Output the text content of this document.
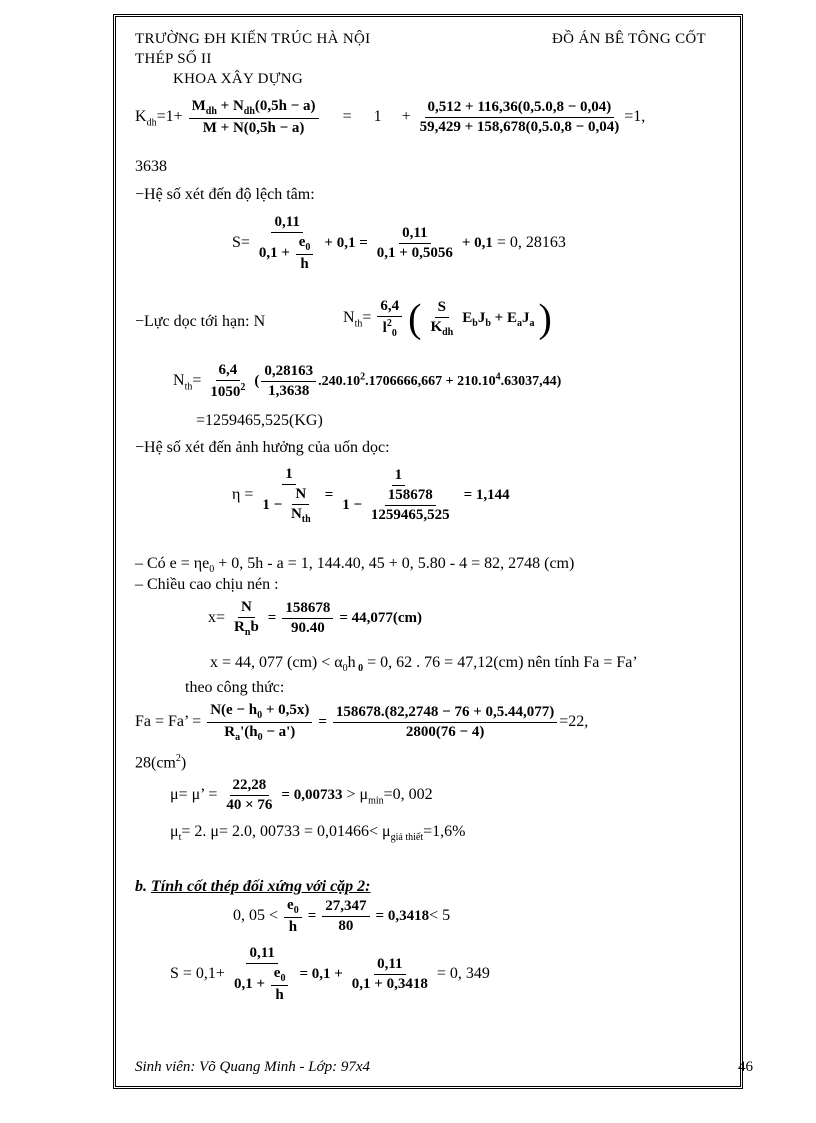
TRƯỜNG ĐH KIẾN TRÚC HÀ NỘI	ĐỒ ÁN BÊ TÔNG CỐT
THÉP SỐ II
KHOA XÂY DỰNG
$K_{dh}=1+ \frac{M_{dh} + N_{dh}(0,5h - a)}{M + N(0,5h - a)} = 1 + \frac{0,512 + 116,36(0,5.0,8 - 0,04)}{59,429 + 158,678(0,5.0,8 - 0,04)} =1$,
3638
−Hệ số xét đến độ lệch tâm:
$S= \frac{0,11}{0,1 + \frac{e_0}{h}} + 0,1 = \frac{0,11}{0,1 + 0,5056} + 0,1 = 0$, 28163
−Lực dọc tới hạn: N	$N_{th}= \frac{6,4}{l^2_0}$ ( $\frac{S}{K_{dh}} E_bJ_b + E_aJ_a$ )
$N_{th}= \frac{6,4}{1050^2}$ ( $\frac{0,28163}{1,3638} .240.10^2.1706666,667 + 210.10^4.63037,44$)
=1259465,525(KG)
−Hệ số xét đến ảnh hưởng của uốn dọc:
$\eta = \frac{1}{1 - \frac{N}{N_{th}}} = \frac{1}{1 - \frac{158678}{1259465,525}} = 1,144$
– Có $e = \eta e_0 + 0$, 5h - a = 1, 144.40, 45 + 0, 5.80 - 4 = 82, 2748 (cm)
– Chiều cao chịu nén :
$x= \frac{N}{R_nb} = \frac{158678}{90.40} = 44,077(cm)$
x = 44, 077 $(cm) < \alpha_0h$ $_0$ = 0, 62 . 76 = 47,12(cm) nên tính Fa = Fa’
theo công thức:
Fa = Fa’ = $\frac{N(e - h_0 + 0,5x)}{R_a'(h_0 - a')} = \frac{158678.(82,2748 - 76 + 0,5.44,077)}{2800(76 - 4)} =22$,
$28(cm^2)$
μ= μ’ = $\frac{22,28}{40 \times 76} = 0,00733 > \mu_{min}=0$, 002
$\mu_t= 2$. μ= 2.0, $00733 = 0,01466< \mu_{giả thiết}=1,6\%$
b. Tính cốt thép đối xứng với cặp 2:
0, $05 < \frac{e_0}{h} = \frac{27,347}{80} = 0,3418< 5$
$S = 0,1+ \frac{0,11}{0,1 + \frac{e_0}{h}} = 0,1 + \frac{0,11}{0,1 + 0,3418} = 0$, 349
Sinh viên: Võ Quang Minh - Lớp: 97x4	46
